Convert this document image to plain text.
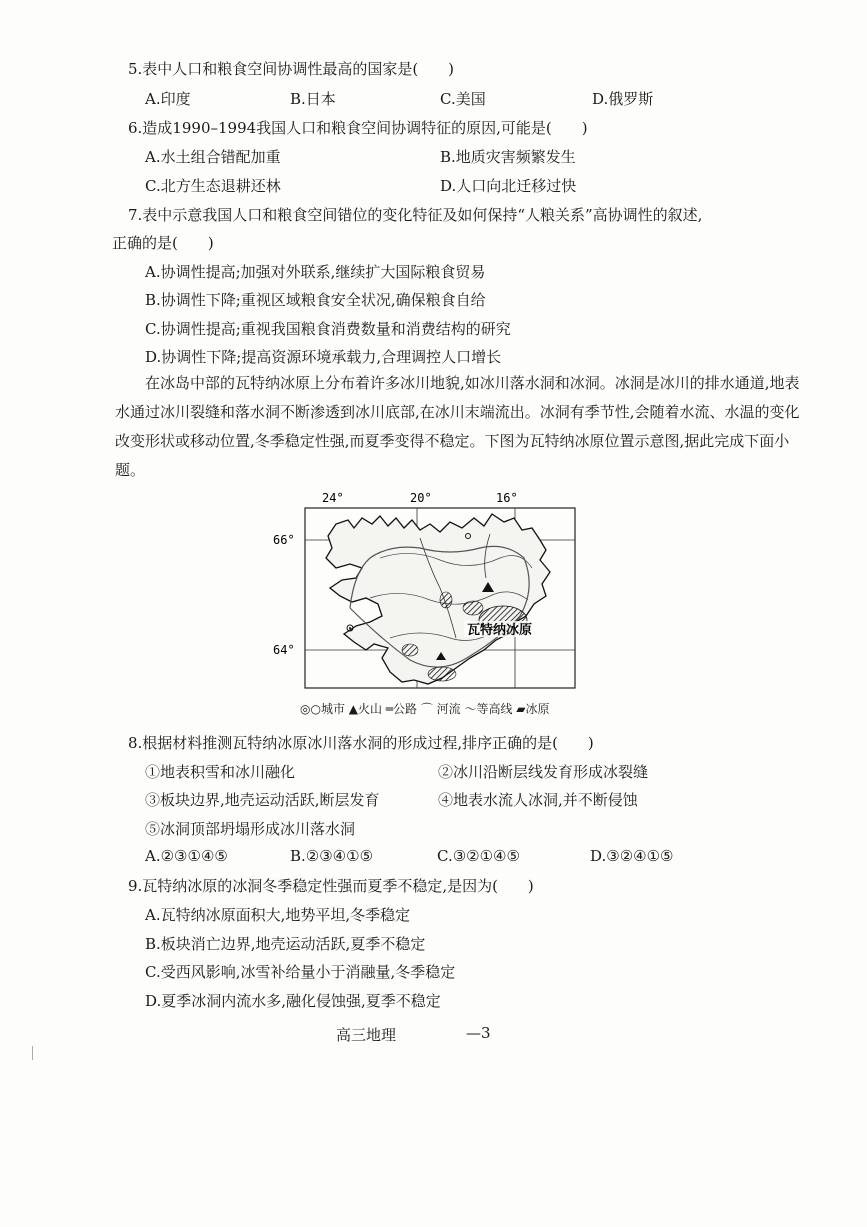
5.表中人口和粮食空间协调性最高的国家是(　　)
A.印度	B.日本	C.美国	D.俄罗斯
6.造成1990–1994我国人口和粮食空间协调特征的原因,可能是(　　)
A.水土组合错配加重	B.地质灾害频繁发生
C.北方生态退耕还林	D.人口向北迁移过快
7.表中示意我国人口和粮食空间错位的变化特征及如何保持“人粮关系”高协调性的叙述,
正确的是(　　)
A.协调性提高;加强对外联系,继续扩大国际粮食贸易
B.协调性下降;重视区域粮食安全状况,确保粮食自给
C.协调性提高;重视我国粮食消费数量和消费结构的研究
D.协调性下降;提高资源环境承载力,合理调控人口增长
在冰岛中部的瓦特纳冰原上分布着许多冰川地貌,如冰川落水洞和冰洞。冰洞是冰川的排水通道,地表水通过冰川裂缝和落水洞不断渗透到冰川底部,在冰川末端流出。冰洞有季节性,会随着水流、水温的变化改变形状或移动位置,冬季稳定性强,而夏季变得不稳定。下图为瓦特纳冰原位置示意图,据此完成下面小题。
24°	20°	16°
66°
64°
瓦特纳冰原
◎○城市 ▲火山 ═公路 ⌒ 河流 〜等高线 ▰冰原
8.根据材料推测瓦特纳冰原冰川落水洞的形成过程,排序正确的是(　　)
①地表积雪和冰川融化	②冰川沿断层线发育形成冰裂缝
③板块边界,地壳运动活跃,断层发育	④地表水流人冰洞,并不断侵蚀
⑤冰洞顶部坍塌形成冰川落水洞
A.②③①④⑤	B.②③④①⑤	C.③②①④⑤	D.③②④①⑤
9.瓦特纳冰原的冰洞冬季稳定性强而夏季不稳定,是因为(　　)
A.瓦特纳冰原面积大,地势平坦,冬季稳定
B.板块消亡边界,地壳运动活跃,夏季不稳定
C.受西风影响,冰雪补给量小于消融量,冬季稳定
D.夏季冰洞内流水多,融化侵蚀强,夏季不稳定
高三地理	—3
